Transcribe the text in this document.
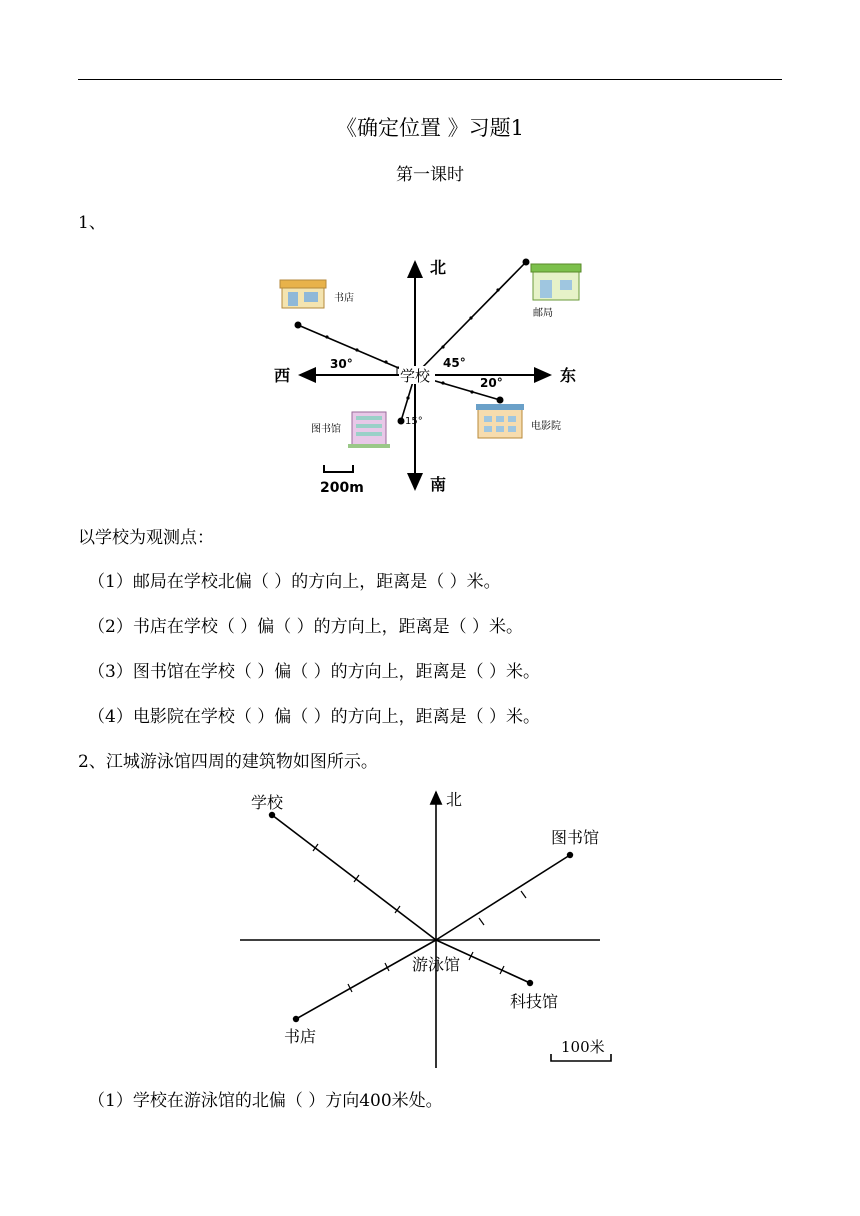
《确定位置 》习题1
第一课时
1、
北
南
西	东
学校
30°	45°
20°
15°
书店
邮局
图书馆	电影院
200m
以学校为观测点：
（1）邮局在学校北偏（ ）的方向上，距离是（ ）米。
（2）书店在学校（ ）偏（ ）的方向上，距离是（ ）米。
（3）图书馆在学校（ ）偏（ ）的方向上，距离是（ ）米。
（4）电影院在学校（ ）偏（ ）的方向上，距离是（ ）米。
2、江城游泳馆四周的建筑物如图所示。
北
学校
图书馆
游泳馆
科技馆
书店
100米
（1）学校在游泳馆的北偏（ ）方向400米处。
